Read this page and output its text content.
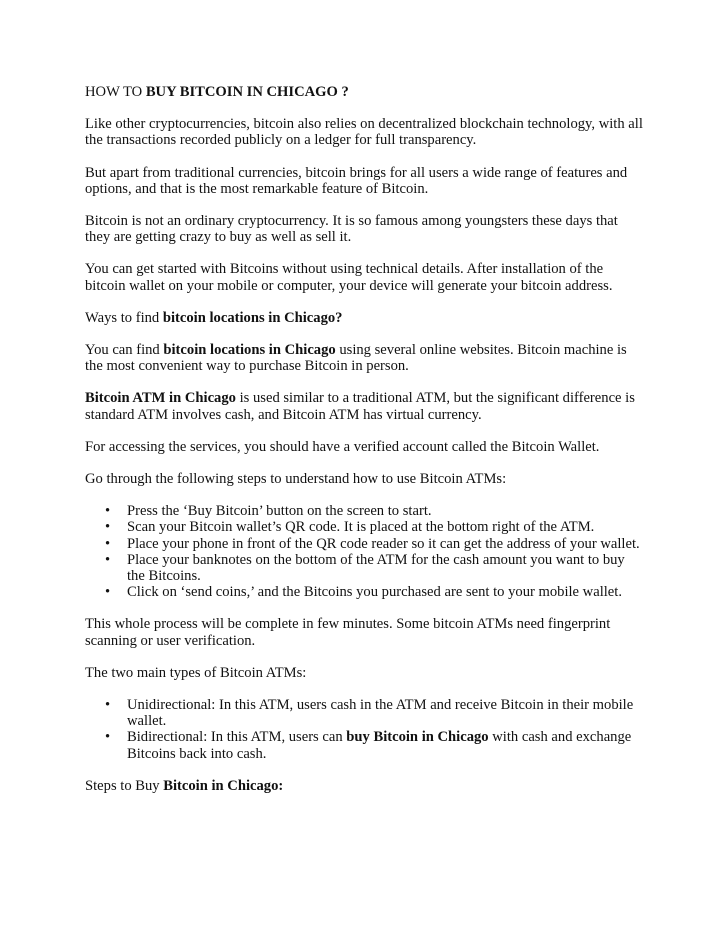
HOW TO BUY BITCOIN IN CHICAGO ?

Like other cryptocurrencies, bitcoin also relies on decentralized blockchain technology, with all the transactions recorded publicly on a ledger for full transparency.

But apart from traditional currencies, bitcoin brings for all users a wide range of features and options, and that is the most remarkable feature of Bitcoin.

Bitcoin is not an ordinary cryptocurrency. It is so famous among youngsters these days that they are getting crazy to buy as well as sell it.

You can get started with Bitcoins without using technical details. After installation of the bitcoin wallet on your mobile or computer, your device will generate your bitcoin address.

Ways to find bitcoin locations in Chicago?

You can find bitcoin locations in Chicago using several online websites. Bitcoin machine is the most convenient way to purchase Bitcoin in person.

Bitcoin ATM in Chicago is used similar to a traditional ATM, but the significant difference is standard ATM involves cash, and Bitcoin ATM has virtual currency.

For accessing the services, you should have a verified account called the Bitcoin Wallet.

Go through the following steps to understand how to use Bitcoin ATMs:

• Press the ‘Buy Bitcoin’ button on the screen to start.
• Scan your Bitcoin wallet’s QR code. It is placed at the bottom right of the ATM.
• Place your phone in front of the QR code reader so it can get the address of your wallet.
• Place your banknotes on the bottom of the ATM for the cash amount you want to buy the Bitcoins.
• Click on ‘send coins,’ and the Bitcoins you purchased are sent to your mobile wallet.

This whole process will be complete in few minutes. Some bitcoin ATMs need fingerprint scanning or user verification.

The two main types of Bitcoin ATMs:

• Unidirectional: In this ATM, users cash in the ATM and receive Bitcoin in their mobile wallet.
• Bidirectional: In this ATM, users can buy Bitcoin in Chicago with cash and exchange Bitcoins back into cash.

Steps to Buy Bitcoin in Chicago:
